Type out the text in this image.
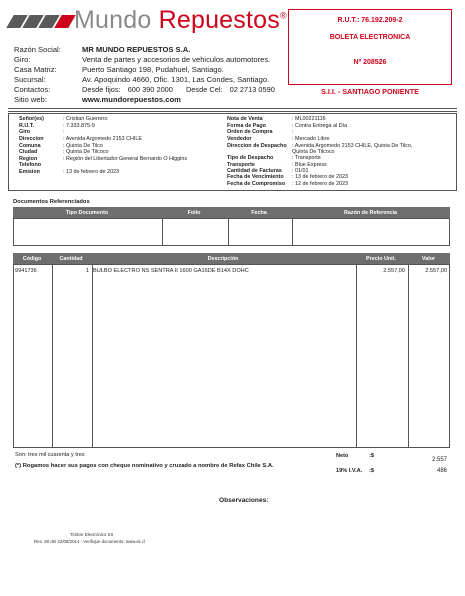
Mundo Repuestos®
Razón Social:	MR MUNDO REPUESTOS S.A.
Giro:	Venta de partes y accesorios de vehiculos automotores.
Casa Matriz:	Puerto Santiago 198, Pudahuel, Santiago.
Sucursal:	Av. Apoquindo 4660, Ofic. 1301, Las Condes, Santiago.
Contactos:	Desde fijos: 600 390 2000 Desde Cel: 02 2713 0590
Sitio web:	www.mundorepuestos.com
R.U.T.: 76.192.209-2
BOLETA ELECTRONICA
Nº 208526
S.I.I. - SANTIAGO PONIENTE
Señor(es)	: Cristian Guerrero
R.U.T.	: 7.333.875-9
Giro	:
Direccion	: Avenida Argomedo 2153 CHILE
Comuna	: Quinta De Tilco
Ciudad	: Quinta De Tilcoco
Region	: Región del Libertador General Bernardo O Higgins
Telefono
Emision	: 13 de febrero de 2023
Nota de Venta	: ML00221116
Forma de Pago	: Contra Entrega al Día
Orden de Compra	:
Vendedor	: Mercado Libre
Direccion de Despacho : Avenida Argomedo 2153 CHILE, Quinta De Tilco,
Quinta De Tilcoco
Tipo de Despacho	: Transporte
Transporte	: Blue Express
Cantidad de Facturas : 01/01
Fecha de Vencimiento : 13 de febrero de 2023
Fecha de Compromiso : 12 de febrero de 2023
Documentos Referenciados
Tipo Documento	Folio	Fecha	Razón de Referencia
Código	Cantidad	Descripción	Precio Unit.	Valor
9941736	1 BULBO ELECTRO NS SENTRA II 1600 GA16DE B14X DOHC	2.557,00	2.557,00
Son: tres mil cuarenta y tres
(*) Rogamos hacer sus pagos con cheque nominativo y cruzado a nombre de Refax Chile S.A.
Neto	:$
2.557
19% I.V.A. :$	486
Observaciones:
Timbre Electrónico SII
Res. 80 del 22/08/2014 - Verifique documento: www.sii.cl
